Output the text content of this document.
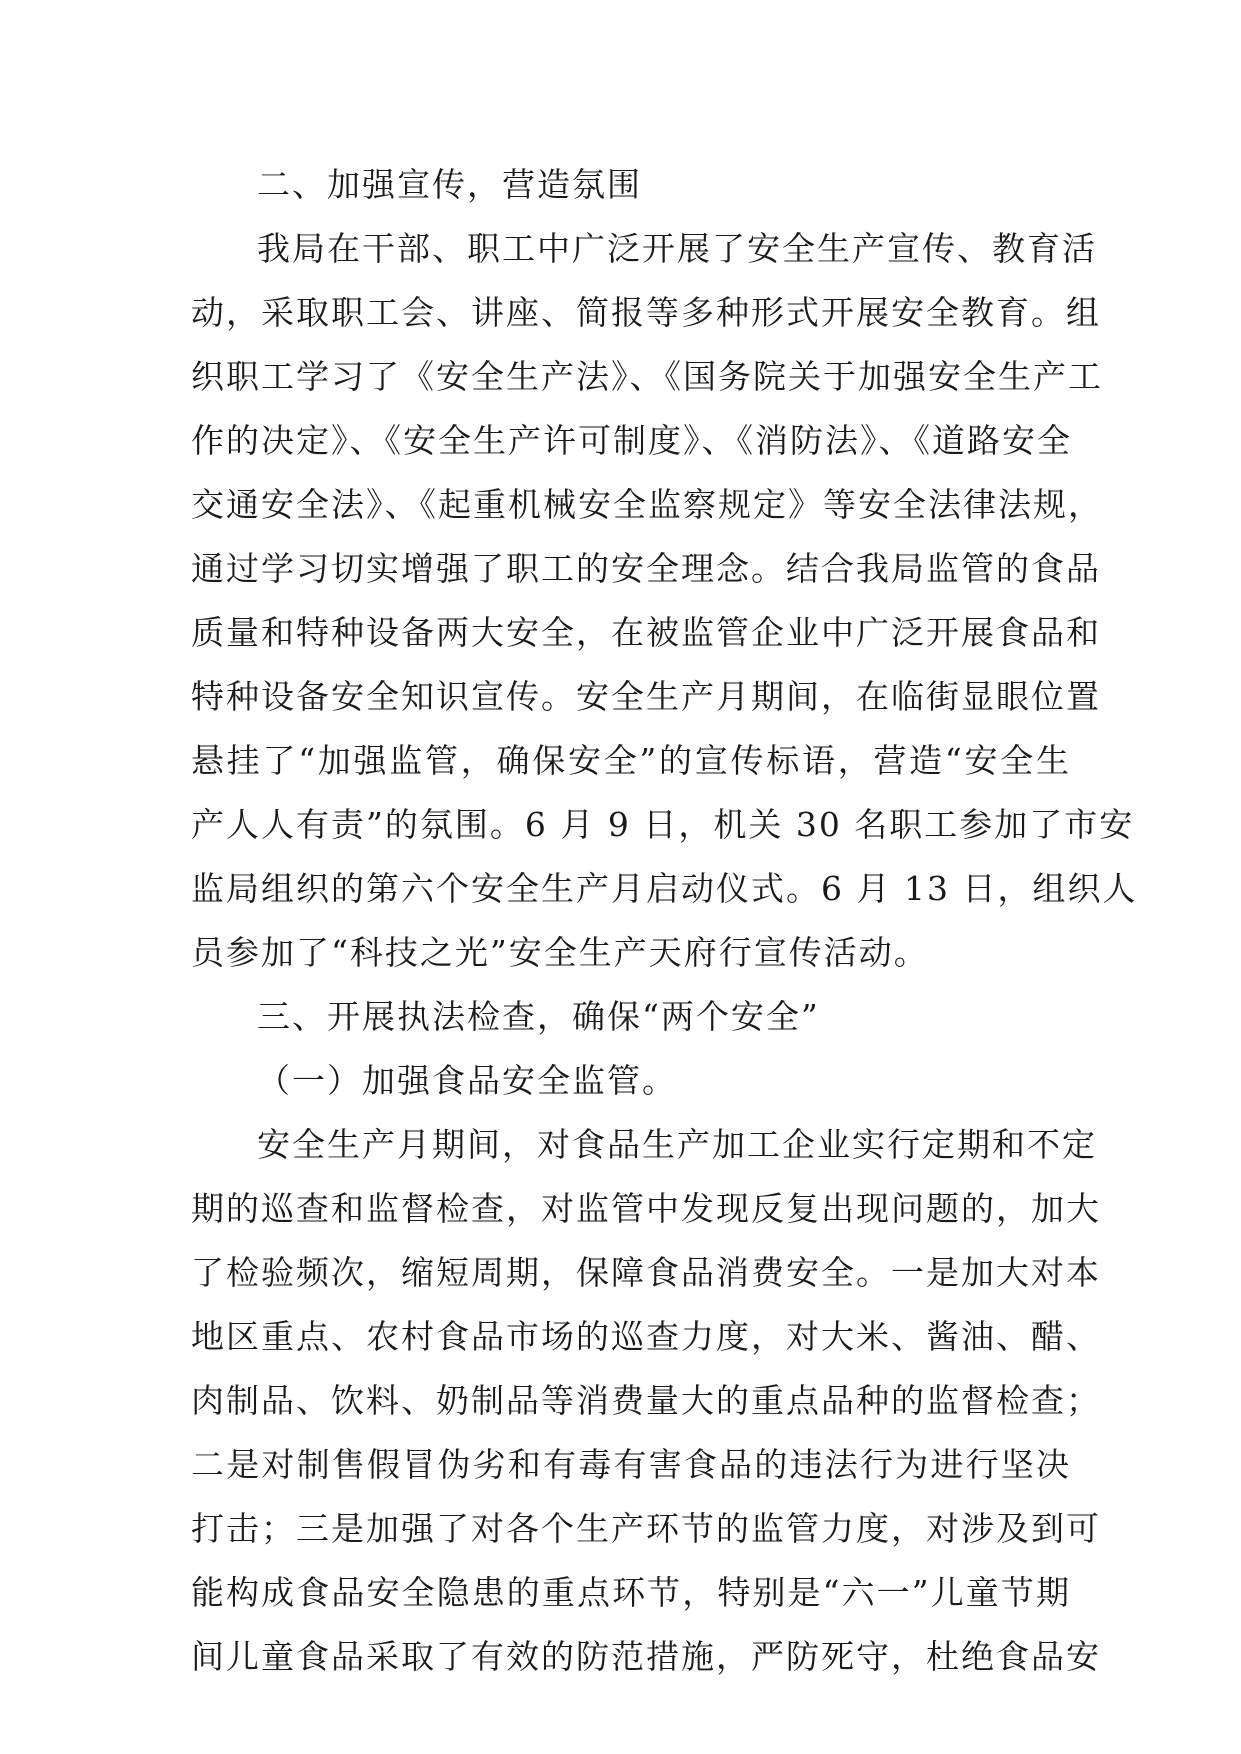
二、加强宣传，营造氛围
我局在干部、职工中广泛开展了安全生产宣传、教育活
动，采取职工会、讲座、简报等多种形式开展安全教育。组
织职工学习了《安全生产法》、《国务院关于加强安全生产工
作的决定》、《安全生产许可制度》、《消防法》、《道路安全
交通安全法》、《起重机械安全监察规定》等安全法律法规，
通过学习切实增强了职工的安全理念。结合我局监管的食品
质量和特种设备两大安全，在被监管企业中广泛开展食品和
特种设备安全知识宣传。安全生产月期间，在临街显眼位置
悬挂了“加强监管，确保安全”的宣传标语，营造“安全生
产人人有责”的氛围。6 月 9 日，机关 30 名职工参加了市安
监局组织的第六个安全生产月启动仪式。6 月 13 日，组织人
员参加了“科技之光”安全生产天府行宣传活动。
三、开展执法检查，确保“两个安全”
（一）加强食品安全监管。
安全生产月期间，对食品生产加工企业实行定期和不定
期的巡查和监督检查，对监管中发现反复出现问题的，加大
了检验频次，缩短周期，保障食品消费安全。一是加大对本
地区重点、农村食品市场的巡查力度，对大米、酱油、醋、
肉制品、饮料、奶制品等消费量大的重点品种的监督检查；
二是对制售假冒伪劣和有毒有害食品的违法行为进行坚决
打击；三是加强了对各个生产环节的监管力度，对涉及到可
能构成食品安全隐患的重点环节，特别是“六一”儿童节期
间儿童食品采取了有效的防范措施，严防死守，杜绝食品安
